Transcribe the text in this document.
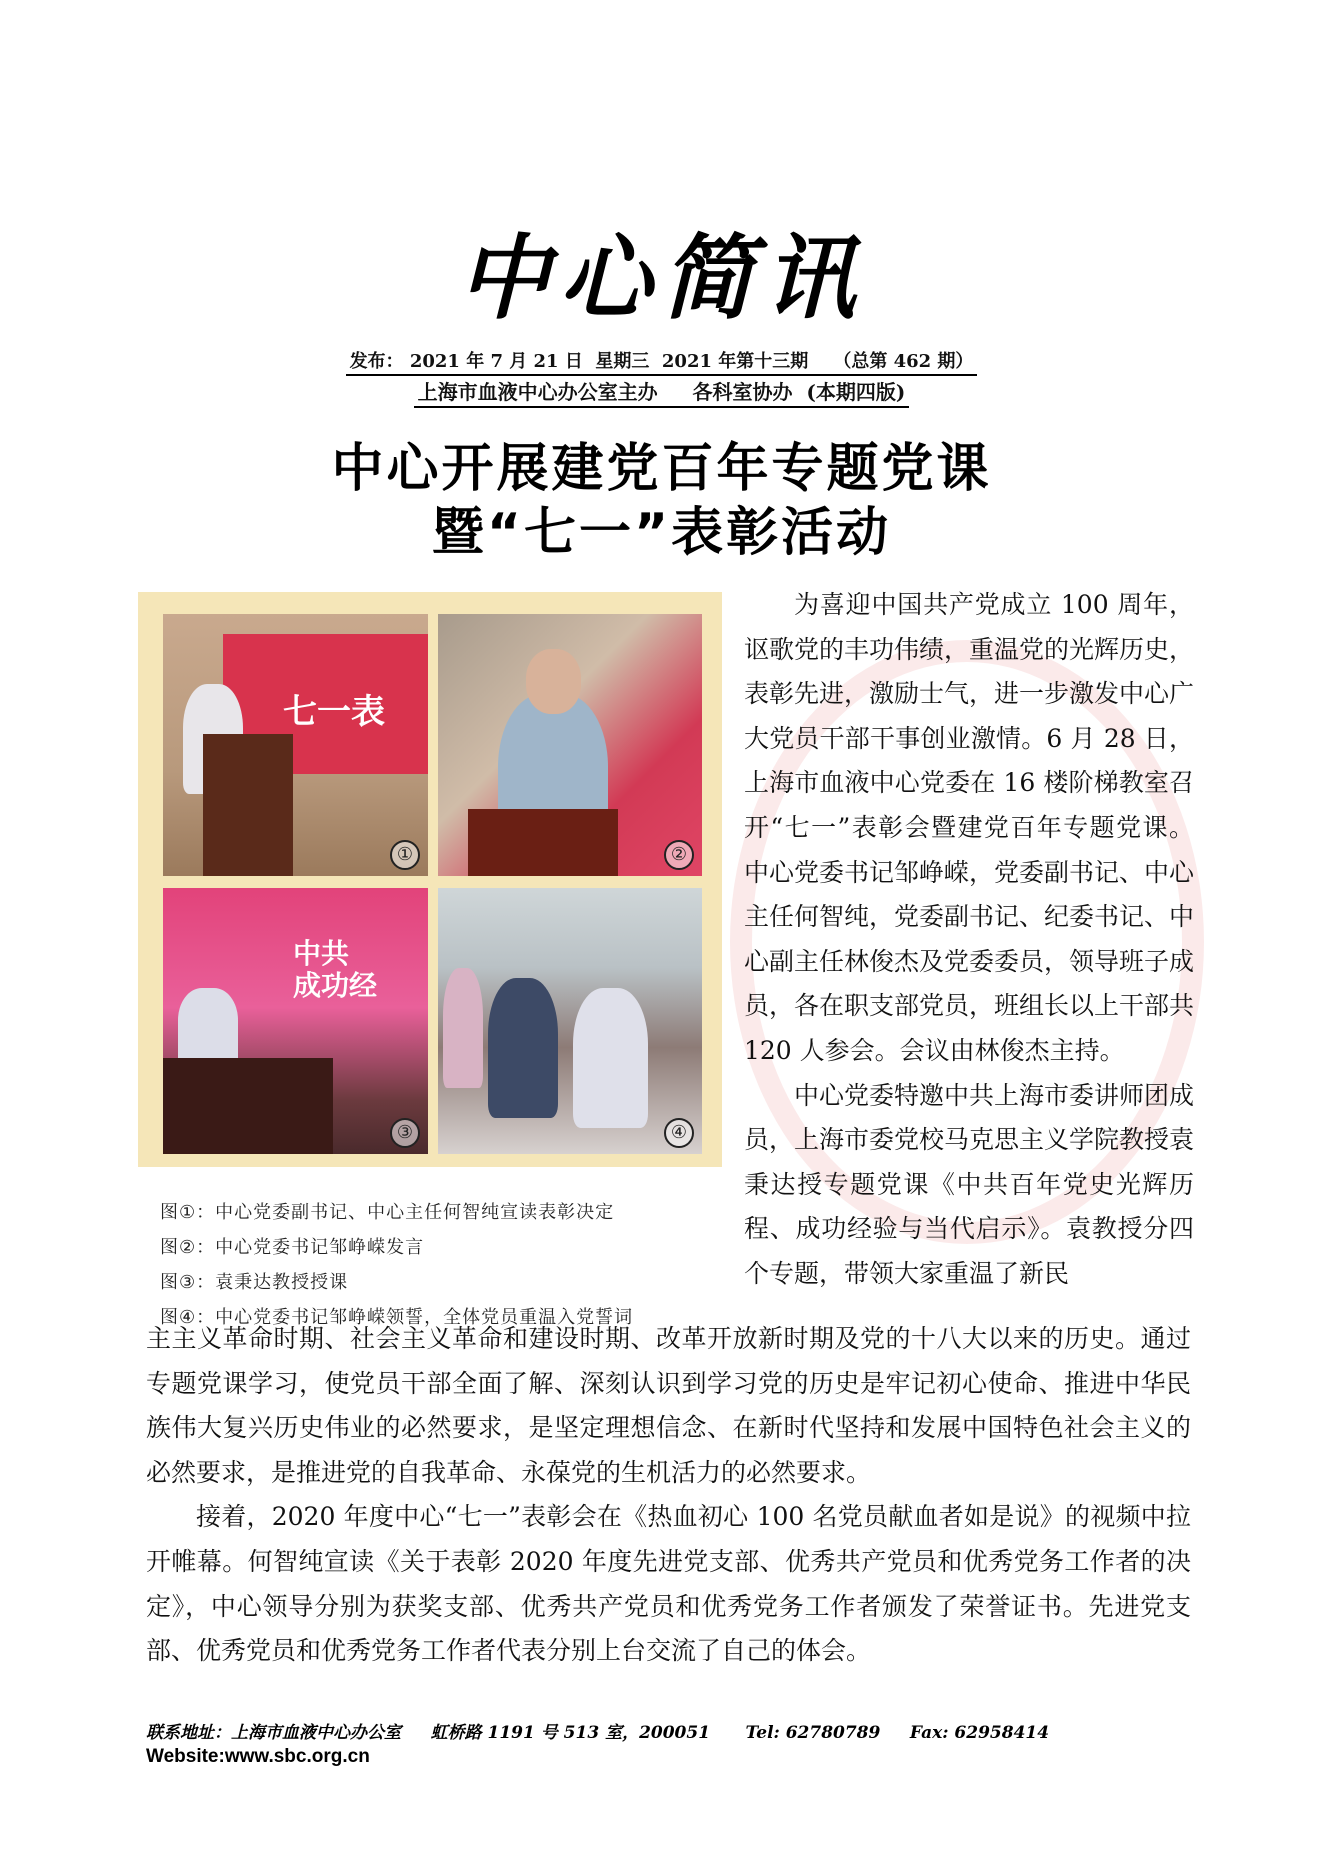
中心简讯
发布： 2021 年 7 月 21 日  星期三  2021 年第十三期    （总第 462 期）
上海市血液中心办公室主办     各科室协办  (本期四版)
中心开展建党百年专题党课
暨“七一”表彰活动
七一表
①	②
中共
成功经
③	④
图①：中心党委副书记、中心主任何智纯宣读表彰决定
图②：中心党委书记邹峥嵘发言
图③：袁秉达教授授课
图④：中心党委书记邹峥嵘领誓，全体党员重温入党誓词

为喜迎中国共产党成立 100 周年，讴歌党的丰功伟绩，重温党的光辉历史，表彰先进，激励士气，进一步激发中心广大党员干部干事创业激情。6 月 28 日，上海市血液中心党委在 16 楼阶梯教室召开“七一”表彰会暨建党百年专题党课。中心党委书记邹峥嵘，党委副书记、中心主任何智纯，党委副书记、纪委书记、中心副主任林俊杰及党委委员，领导班子成员，各在职支部党员，班组长以上干部共 120 人参会。会议由林俊杰主持。

中心党委特邀中共上海市委讲师团成员，上海市委党校马克思主义学院教授袁秉达授专题党课《中共百年党史光辉历程、成功经验与当代启示》。袁教授分四个专题，带领大家重温了新民

主主义革命时期、社会主义革命和建设时期、改革开放新时期及党的十八大以来的历史。通过专题党课学习，使党员干部全面了解、深刻认识到学习党的历史是牢记初心使命、推进中华民族伟大复兴历史伟业的必然要求，是坚定理想信念、在新时代坚持和发展中国特色社会主义的必然要求，是推进党的自我革命、永葆党的生机活力的必然要求。

接着，2020 年度中心“七一”表彰会在《热血初心 100 名党员献血者如是说》的视频中拉开帷幕。何智纯宣读《关于表彰 2020 年度先进党支部、优秀共产党员和优秀党务工作者的决定》，中心领导分别为获奖支部、优秀共产党员和优秀党务工作者颁发了荣誉证书。先进党支部、优秀党员和优秀党务工作者代表分别上台交流了自己的体会。

联系地址：上海市血液中心办公室     虹桥路 1191 号 513 室，200051      Tel: 62780789     Fax: 62958414
Website:www.sbc.org.cn
